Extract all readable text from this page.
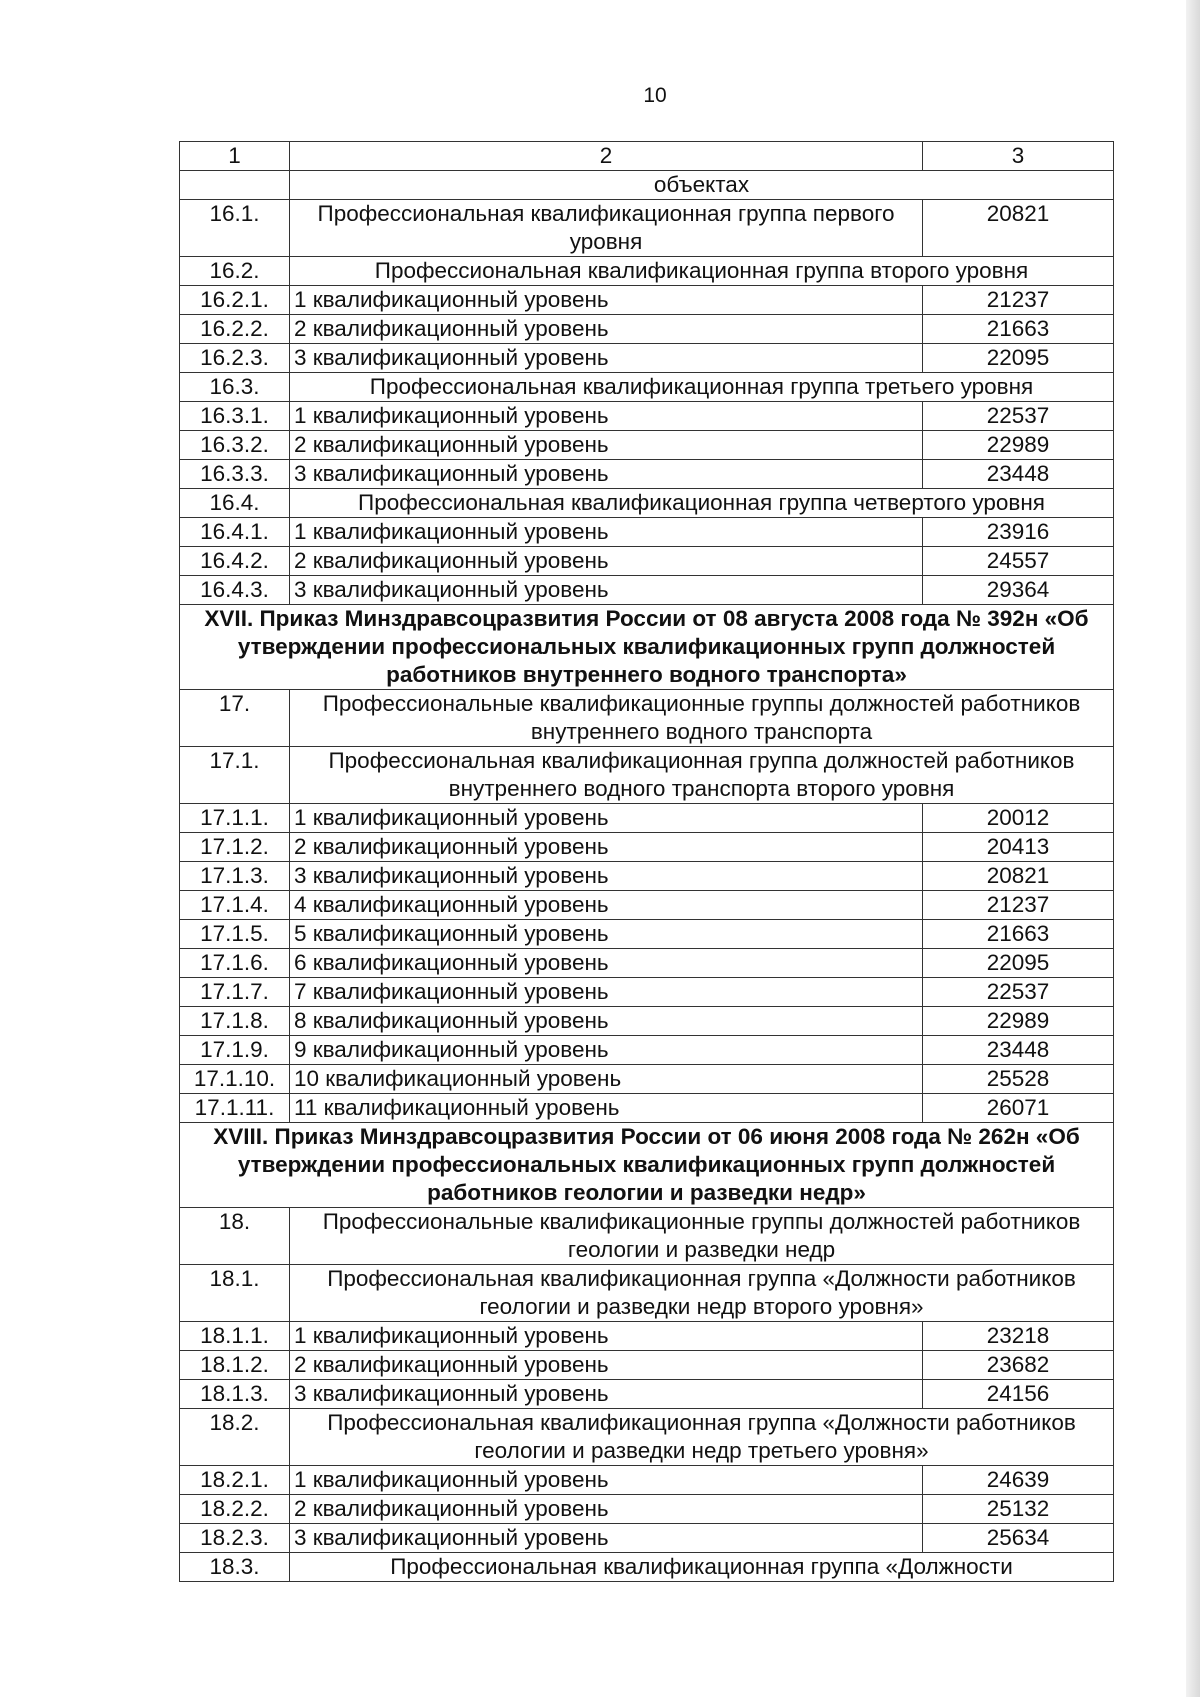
10
1	2	3
	объектах	
16.1.	Профессиональная квалификационная группа первого уровня	20821
16.2.	Профессиональная квалификационная группа второго уровня	
16.2.1.	1 квалификационный уровень	21237
16.2.2.	2 квалификационный уровень	21663
16.2.3.	3 квалификационный уровень	22095
16.3.	Профессиональная квалификационная группа третьего уровня	
16.3.1.	1 квалификационный уровень	22537
16.3.2.	2 квалификационный уровень	22989
16.3.3.	3 квалификационный уровень	23448
16.4.	Профессиональная квалификационная группа четвертого уровня	
16.4.1.	1 квалификационный уровень	23916
16.4.2.	2 квалификационный уровень	24557
16.4.3.	3 квалификационный уровень	29364
XVII. Приказ Минздравсоцразвития России от 08 августа 2008 года № 392н «Об утверждении профессиональных квалификационных групп должностей работников внутреннего водного транспорта»		
17.	Профессиональные квалификационные группы должностей работников внутреннего водного транспорта	
17.1.	Профессиональная квалификационная группа должностей работников внутреннего водного транспорта второго уровня	
17.1.1.	1 квалификационный уровень	20012
17.1.2.	2 квалификационный уровень	20413
17.1.3.	3 квалификационный уровень	20821
17.1.4.	4 квалификационный уровень	21237
17.1.5.	5 квалификационный уровень	21663
17.1.6.	6 квалификационный уровень	22095
17.1.7.	7 квалификационный уровень	22537
17.1.8.	8 квалификационный уровень	22989
17.1.9.	9 квалификационный уровень	23448
17.1.10.	10 квалификационный уровень	25528
17.1.11.	11 квалификационный уровень	26071
XVIII. Приказ Минздравсоцразвития России от 06 июня 2008 года № 262н «Об утверждении профессиональных квалификационных групп должностей работников геологии и разведки недр»		
18.	Профессиональные квалификационные группы должностей работников геологии и разведки недр	
18.1.	Профессиональная квалификационная группа «Должности работников геологии и разведки недр второго уровня»	
18.1.1.	1 квалификационный уровень	23218
18.1.2.	2 квалификационный уровень	23682
18.1.3.	3 квалификационный уровень	24156
18.2.	Профессиональная квалификационная группа «Должности работников геологии и разведки недр третьего уровня»	
18.2.1.	1 квалификационный уровень	24639
18.2.2.	2 квалификационный уровень	25132
18.2.3.	3 квалификационный уровень	25634
18.3.	Профессиональная квалификационная группа «Должности	
